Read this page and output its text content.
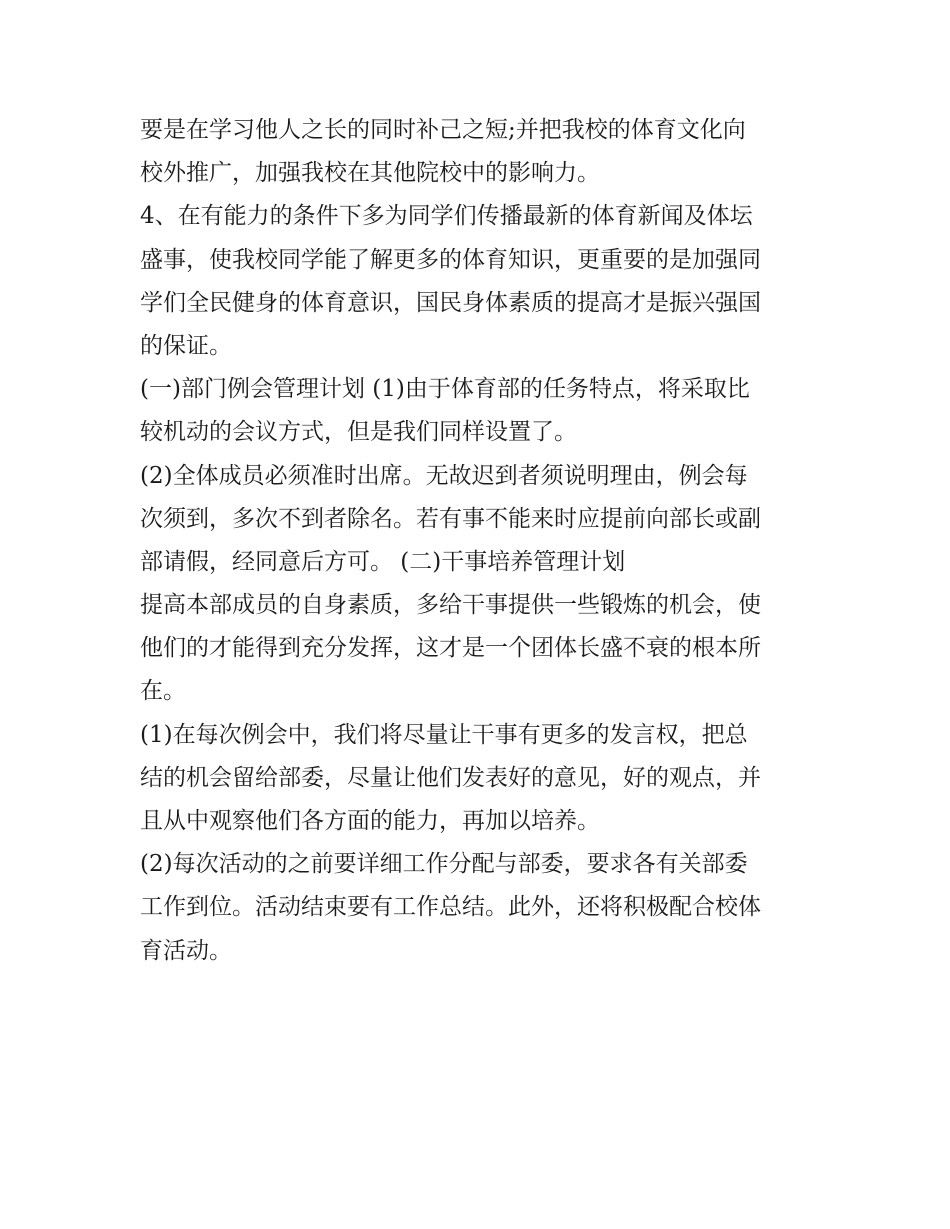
要是在学习他人之长的同时补己之短;并把我校的体育文化向
校外推广，加强我校在其他院校中的影响力。
4、在有能力的条件下多为同学们传播最新的体育新闻及体坛
盛事，使我校同学能了解更多的体育知识，更重要的是加强同
学们全民健身的体育意识，国民身体素质的提高才是振兴强国
的保证。
(一)部门例会管理计划 (1)由于体育部的任务特点，将采取比
较机动的会议方式，但是我们同样设置了。
(2)全体成员必须准时出席。无故迟到者须说明理由，例会每
次须到，多次不到者除名。若有事不能来时应提前向部长或副
部请假，经同意后方可。 (二)干事培养管理计划
提高本部成员的自身素质，多给干事提供一些锻炼的机会，使
他们的才能得到充分发挥，这才是一个团体长盛不衰的根本所
在。
(1)在每次例会中，我们将尽量让干事有更多的发言权，把总
结的机会留给部委，尽量让他们发表好的意见，好的观点，并
且从中观察他们各方面的能力，再加以培养。
(2)每次活动的之前要详细工作分配与部委，要求各有关部委
工作到位。活动结束要有工作总结。此外，还将积极配合校体
育活动。
